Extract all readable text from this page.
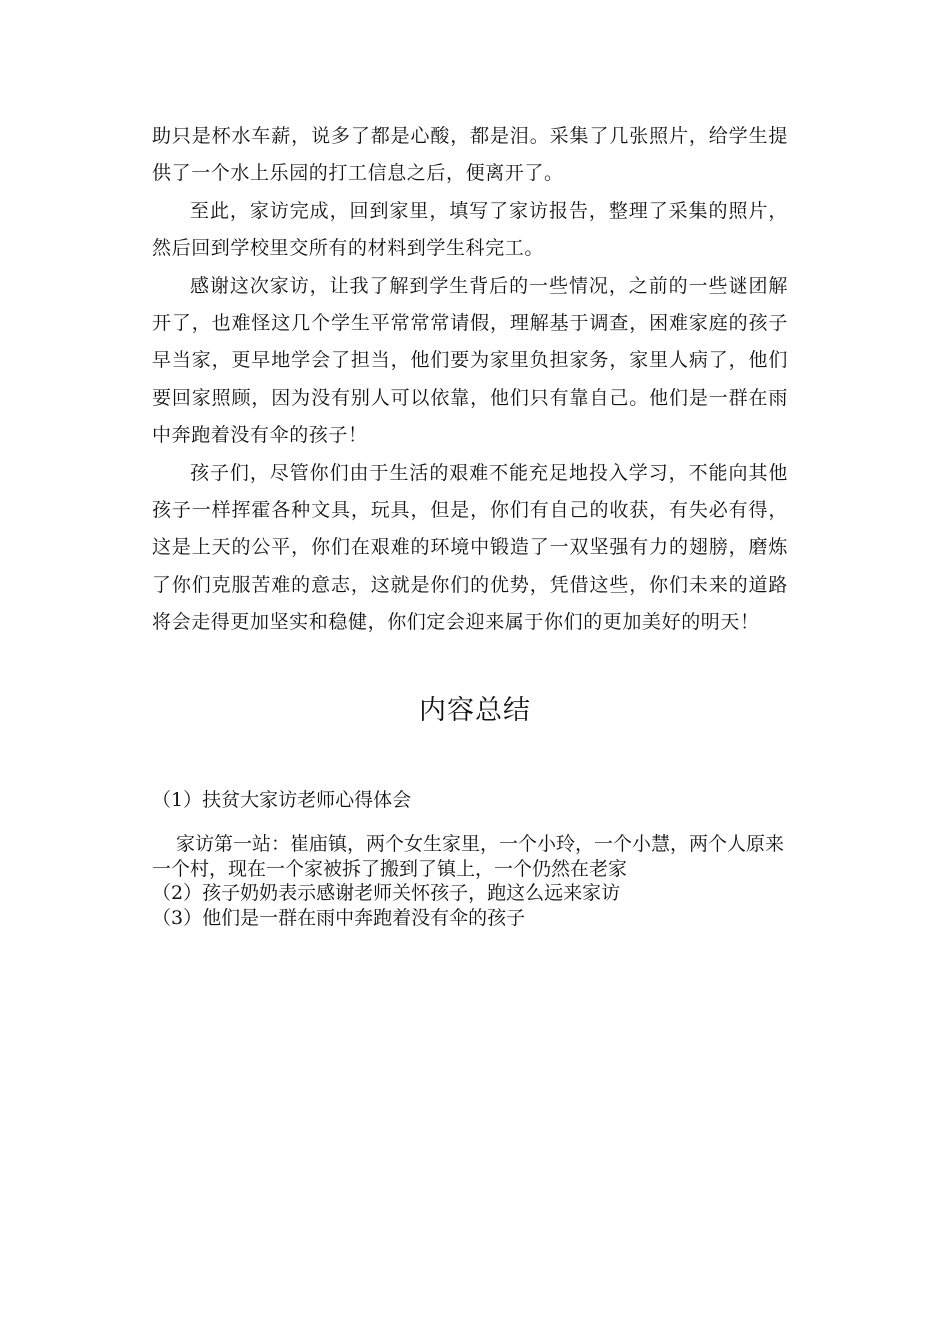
助只是杯水车薪，说多了都是心酸，都是泪。采集了几张照片，给学生提供了一个水上乐园的打工信息之后，便离开了。

至此，家访完成，回到家里，填写了家访报告，整理了采集的照片，然后回到学校里交所有的材料到学生科完工。

感谢这次家访，让我了解到学生背后的一些情况，之前的一些谜团解开了，也难怪这几个学生平常常常请假，理解基于调查，困难家庭的孩子早当家，更早地学会了担当，他们要为家里负担家务，家里人病了，他们要回家照顾，因为没有别人可以依靠，他们只有靠自己。他们是一群在雨中奔跑着没有伞的孩子！

孩子们，尽管你们由于生活的艰难不能充足地投入学习，不能向其他孩子一样挥霍各种文具，玩具，但是，你们有自己的收获，有失必有得，这是上天的公平，你们在艰难的环境中锻造了一双坚强有力的翅膀，磨炼了你们克服苦难的意志，这就是你们的优势，凭借这些，你们未来的道路将会走得更加坚实和稳健，你们定会迎来属于你们的更加美好的明天！

内容总结

（1）扶贫大家访老师心得体会

家访第一站：崔庙镇，两个女生家里，一个小玲，一个小慧，两个人原来一个村，现在一个家被拆了搬到了镇上，一个仍然在老家

（2）孩子奶奶表示感谢老师关怀孩子，跑这么远来家访

（3）他们是一群在雨中奔跑着没有伞的孩子
